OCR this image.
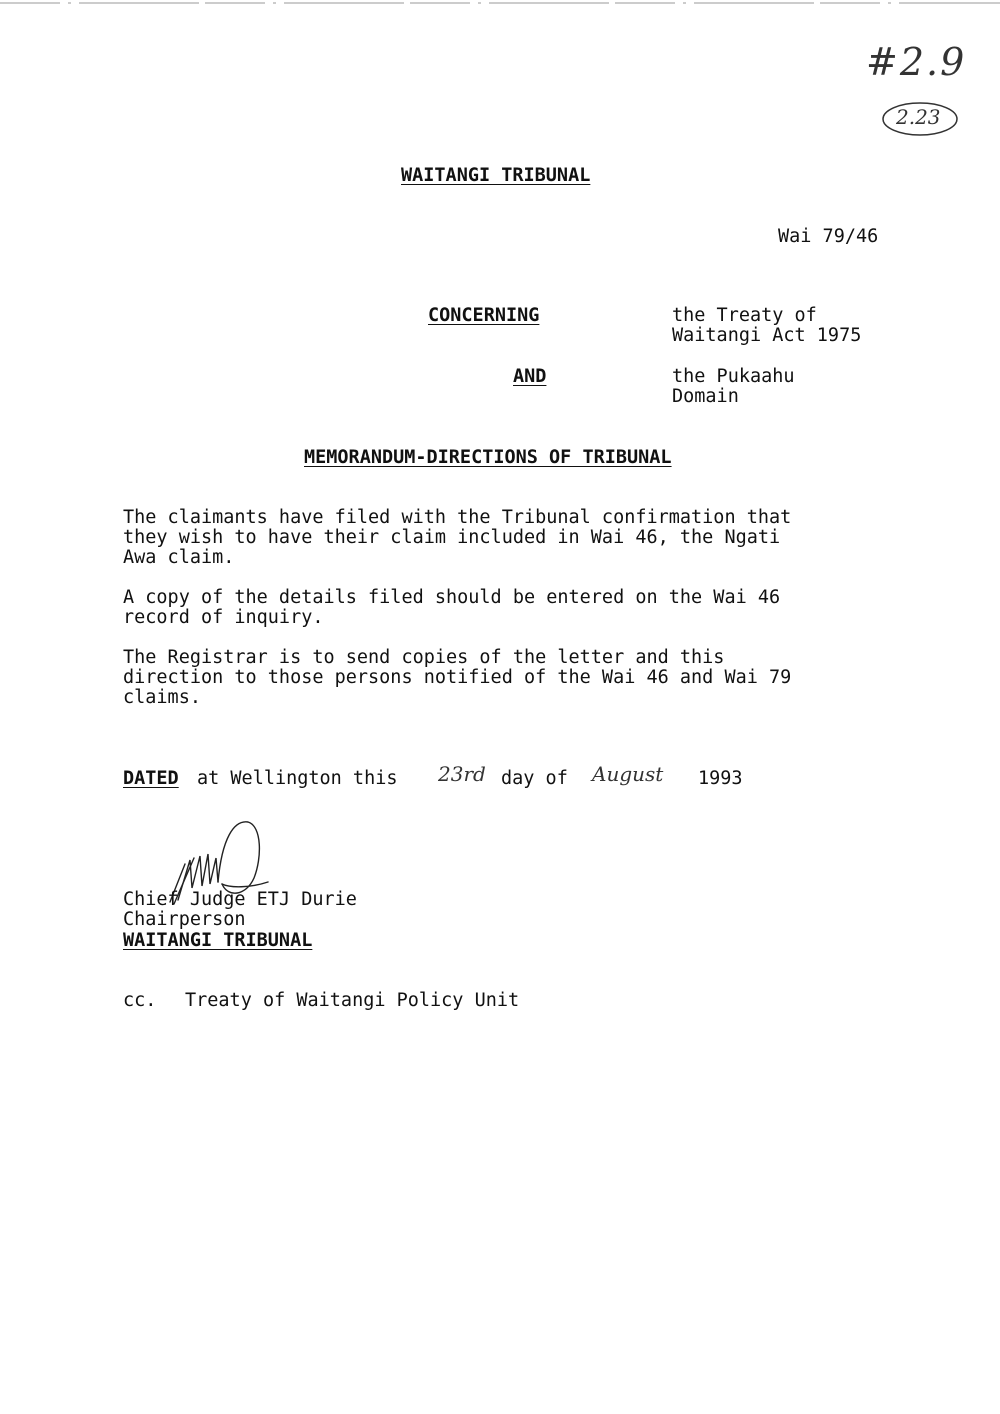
#2.9
2.23
WAITANGI TRIBUNAL
Wai 79/46
CONCERNING	the Treaty of
Waitangi Act 1975
AND	the Pukaahu
Domain
MEMORANDUM-DIRECTIONS OF TRIBUNAL
The claimants have filed with the Tribunal confirmation that
they wish to have their claim included in Wai 46, the Ngati
Awa claim.
A copy of the details filed should be entered on the Wai 46
record of inquiry.
The Registrar is to send copies of the letter and this
direction to those persons notified of the Wai 46 and Wai 79
claims.
DATED at Wellington this 23rd day of August 1993
Chief Judge ETJ Durie
Chairperson
WAITANGI TRIBUNAL
cc. Treaty of Waitangi Policy Unit
